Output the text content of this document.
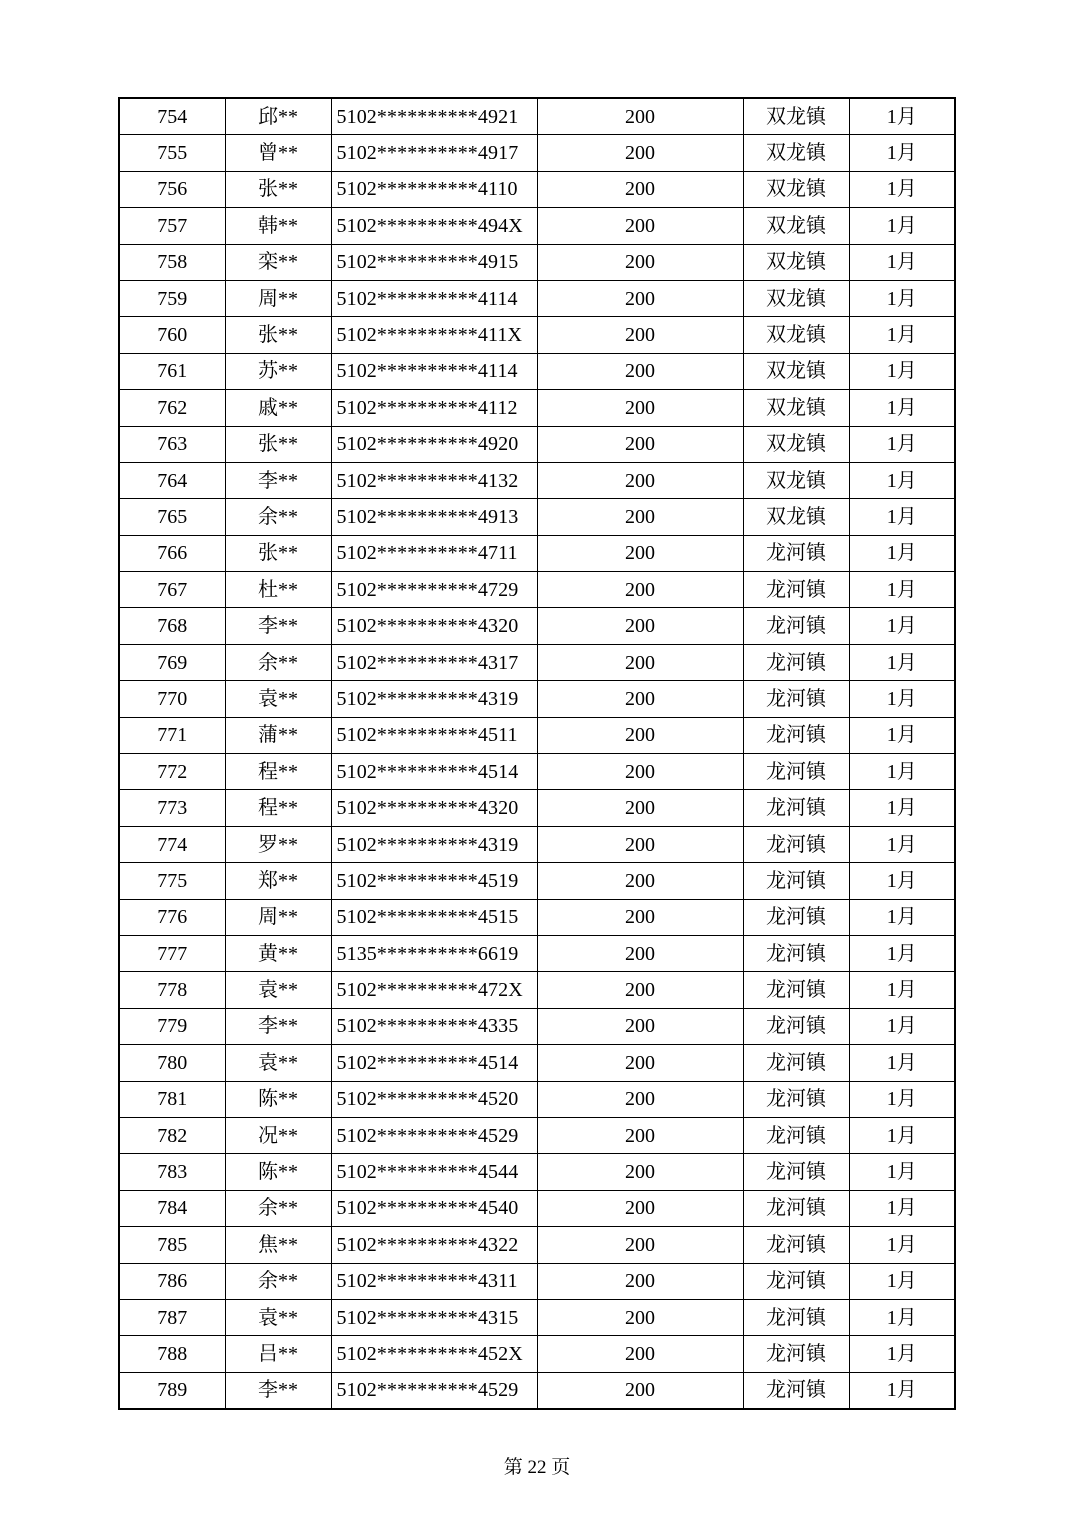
754	邱**	5102**********4921	200	双龙镇	1月
755	曾**	5102**********4917	200	双龙镇	1月
756	张**	5102**********4110	200	双龙镇	1月
757	韩**	5102**********494X	200	双龙镇	1月
758	栾**	5102**********4915	200	双龙镇	1月
759	周**	5102**********4114	200	双龙镇	1月
760	张**	5102**********411X	200	双龙镇	1月
761	苏**	5102**********4114	200	双龙镇	1月
762	戚**	5102**********4112	200	双龙镇	1月
763	张**	5102**********4920	200	双龙镇	1月
764	李**	5102**********4132	200	双龙镇	1月
765	余**	5102**********4913	200	双龙镇	1月
766	张**	5102**********4711	200	龙河镇	1月
767	杜**	5102**********4729	200	龙河镇	1月
768	李**	5102**********4320	200	龙河镇	1月
769	余**	5102**********4317	200	龙河镇	1月
770	袁**	5102**********4319	200	龙河镇	1月
771	蒲**	5102**********4511	200	龙河镇	1月
772	程**	5102**********4514	200	龙河镇	1月
773	程**	5102**********4320	200	龙河镇	1月
774	罗**	5102**********4319	200	龙河镇	1月
775	郑**	5102**********4519	200	龙河镇	1月
776	周**	5102**********4515	200	龙河镇	1月
777	黄**	5135**********6619	200	龙河镇	1月
778	袁**	5102**********472X	200	龙河镇	1月
779	李**	5102**********4335	200	龙河镇	1月
780	袁**	5102**********4514	200	龙河镇	1月
781	陈**	5102**********4520	200	龙河镇	1月
782	况**	5102**********4529	200	龙河镇	1月
783	陈**	5102**********4544	200	龙河镇	1月
784	余**	5102**********4540	200	龙河镇	1月
785	焦**	5102**********4322	200	龙河镇	1月
786	余**	5102**********4311	200	龙河镇	1月
787	袁**	5102**********4315	200	龙河镇	1月
788	吕**	5102**********452X	200	龙河镇	1月
789	李**	5102**********4529	200	龙河镇	1月
第 22 页
